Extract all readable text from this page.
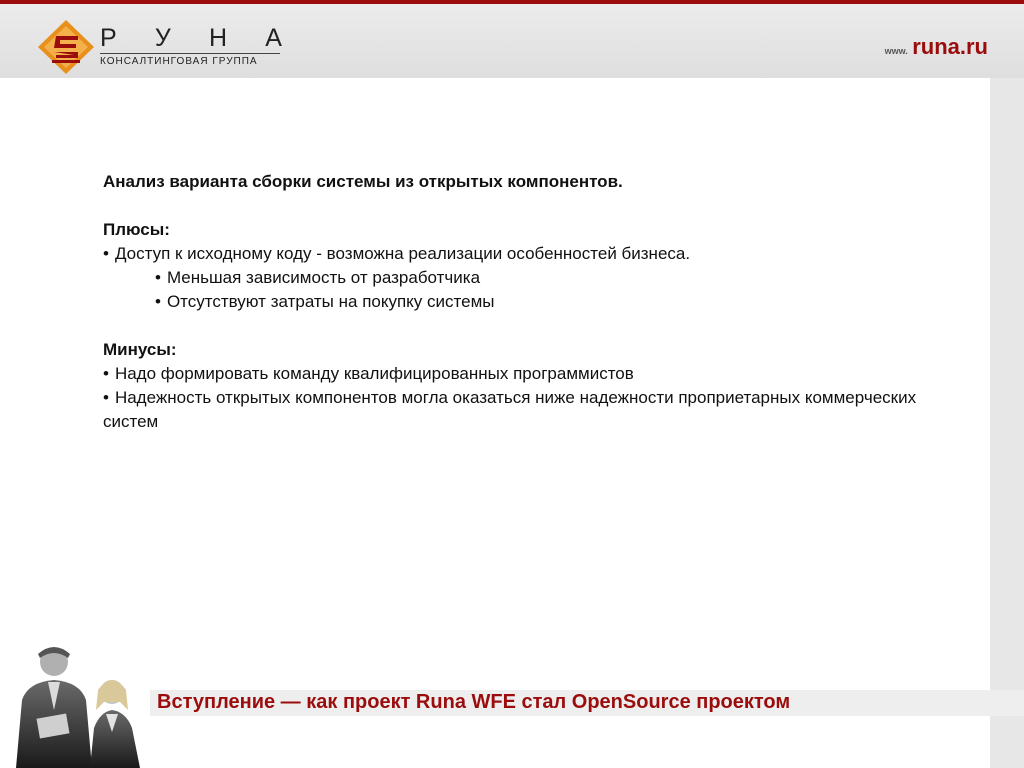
Р У Н А
КОНСАЛТИНГОВАЯ ГРУППА
www. runa.ru

Анализ варианта сборки системы из открытых компонентов.

Плюсы:

• Доступ к исходному коду - возможна реализации особенностей бизнеса.

• Меньшая зависимость от разработчика

• Отсутствуют затраты на покупку системы

Минусы:

• Надо формировать команду квалифицированных программистов

• Надежность открытых компонентов могла оказаться ниже надежности проприетарных коммерческих систем

Вступление — как проект Runa WFE стал OpenSource проектом
